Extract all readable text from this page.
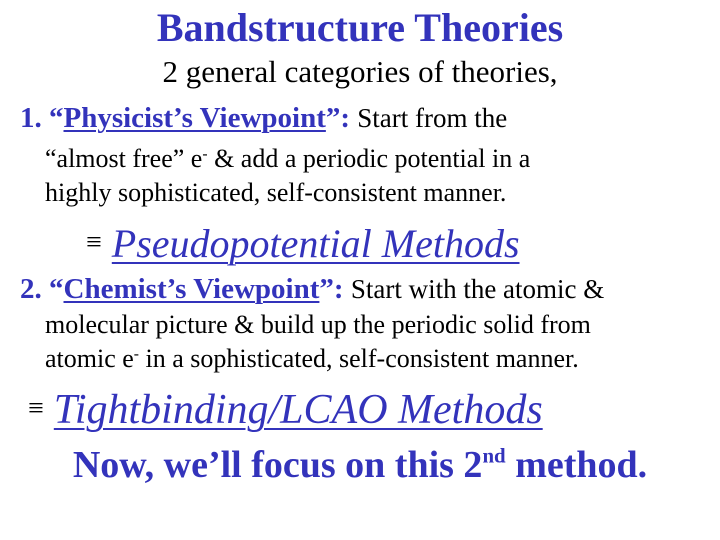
Bandstructure Theories
2 general categories of theories,
1. “Physicist’s Viewpoint”: Start from the
“almost free” e- & add a periodic potential in a
highly sophisticated, self-consistent manner.
≡ Pseudopotential Methods
2. “Chemist’s Viewpoint”: Start with the atomic &
molecular picture & build up the periodic solid from
atomic e- in a sophisticated, self-consistent manner.
≡ Tightbinding/LCAO Methods
Now, we’ll focus on this 2nd method.
